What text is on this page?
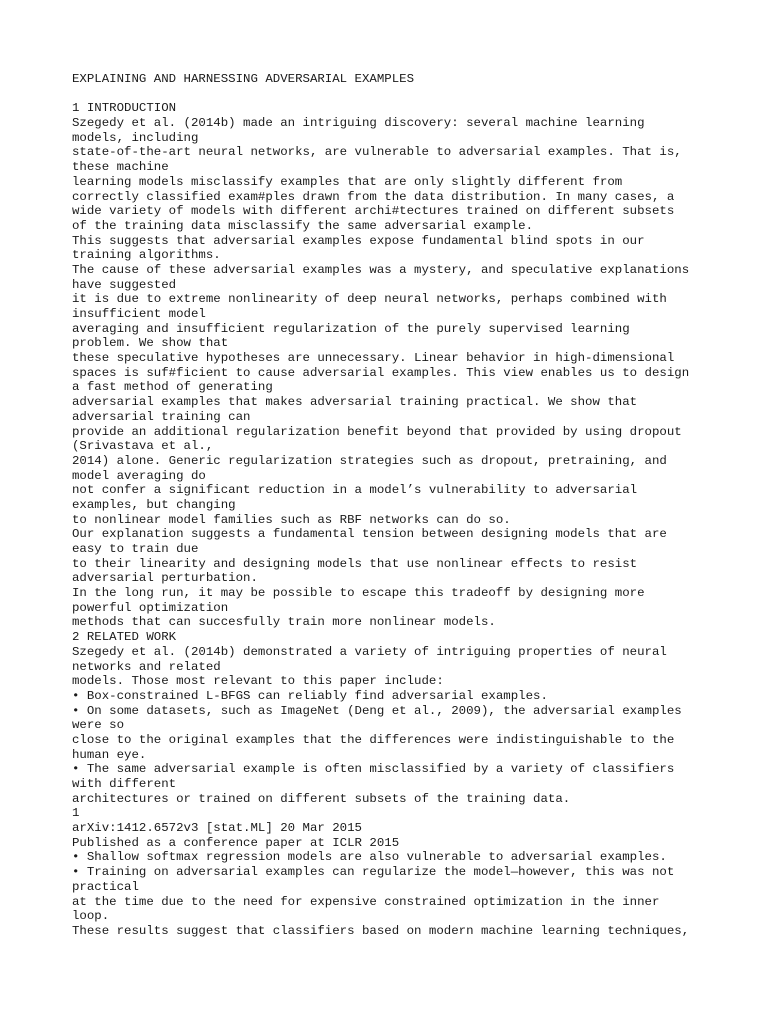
EXPLAINING AND HARNESSING ADVERSARIAL EXAMPLES
1 INTRODUCTION
Szegedy et al. (2014b) made an intriguing discovery: several machine learning
models, including
state-of-the-art neural networks, are vulnerable to adversarial examples. That is,
these machine
learning models misclassify examples that are only slightly different from
correctly classified exam#ples drawn from the data distribution. In many cases, a
wide variety of models with different archi#tectures trained on different subsets
of the training data misclassify the same adversarial example.
This suggests that adversarial examples expose fundamental blind spots in our
training algorithms.
The cause of these adversarial examples was a mystery, and speculative explanations
have suggested
it is due to extreme nonlinearity of deep neural networks, perhaps combined with
insufficient model
averaging and insufficient regularization of the purely supervised learning
problem. We show that
these speculative hypotheses are unnecessary. Linear behavior in high-dimensional
spaces is suf#ficient to cause adversarial examples. This view enables us to design
a fast method of generating
adversarial examples that makes adversarial training practical. We show that
adversarial training can
provide an additional regularization benefit beyond that provided by using dropout
(Srivastava et al.,
2014) alone. Generic regularization strategies such as dropout, pretraining, and
model averaging do
not confer a significant reduction in a model’s vulnerability to adversarial
examples, but changing
to nonlinear model families such as RBF networks can do so.
Our explanation suggests a fundamental tension between designing models that are
easy to train due
to their linearity and designing models that use nonlinear effects to resist
adversarial perturbation.
In the long run, it may be possible to escape this tradeoff by designing more
powerful optimization
methods that can succesfully train more nonlinear models.
2 RELATED WORK
Szegedy et al. (2014b) demonstrated a variety of intriguing properties of neural
networks and related
models. Those most relevant to this paper include:
• Box-constrained L-BFGS can reliably find adversarial examples.
• On some datasets, such as ImageNet (Deng et al., 2009), the adversarial examples
were so
close to the original examples that the differences were indistinguishable to the
human eye.
• The same adversarial example is often misclassified by a variety of classifiers
with different
architectures or trained on different subsets of the training data.
1
arXiv:1412.6572v3 [stat.ML] 20 Mar 2015
Published as a conference paper at ICLR 2015
• Shallow softmax regression models are also vulnerable to adversarial examples.
• Training on adversarial examples can regularize the model—however, this was not
practical
at the time due to the need for expensive constrained optimization in the inner
loop.
These results suggest that classifiers based on modern machine learning techniques,
